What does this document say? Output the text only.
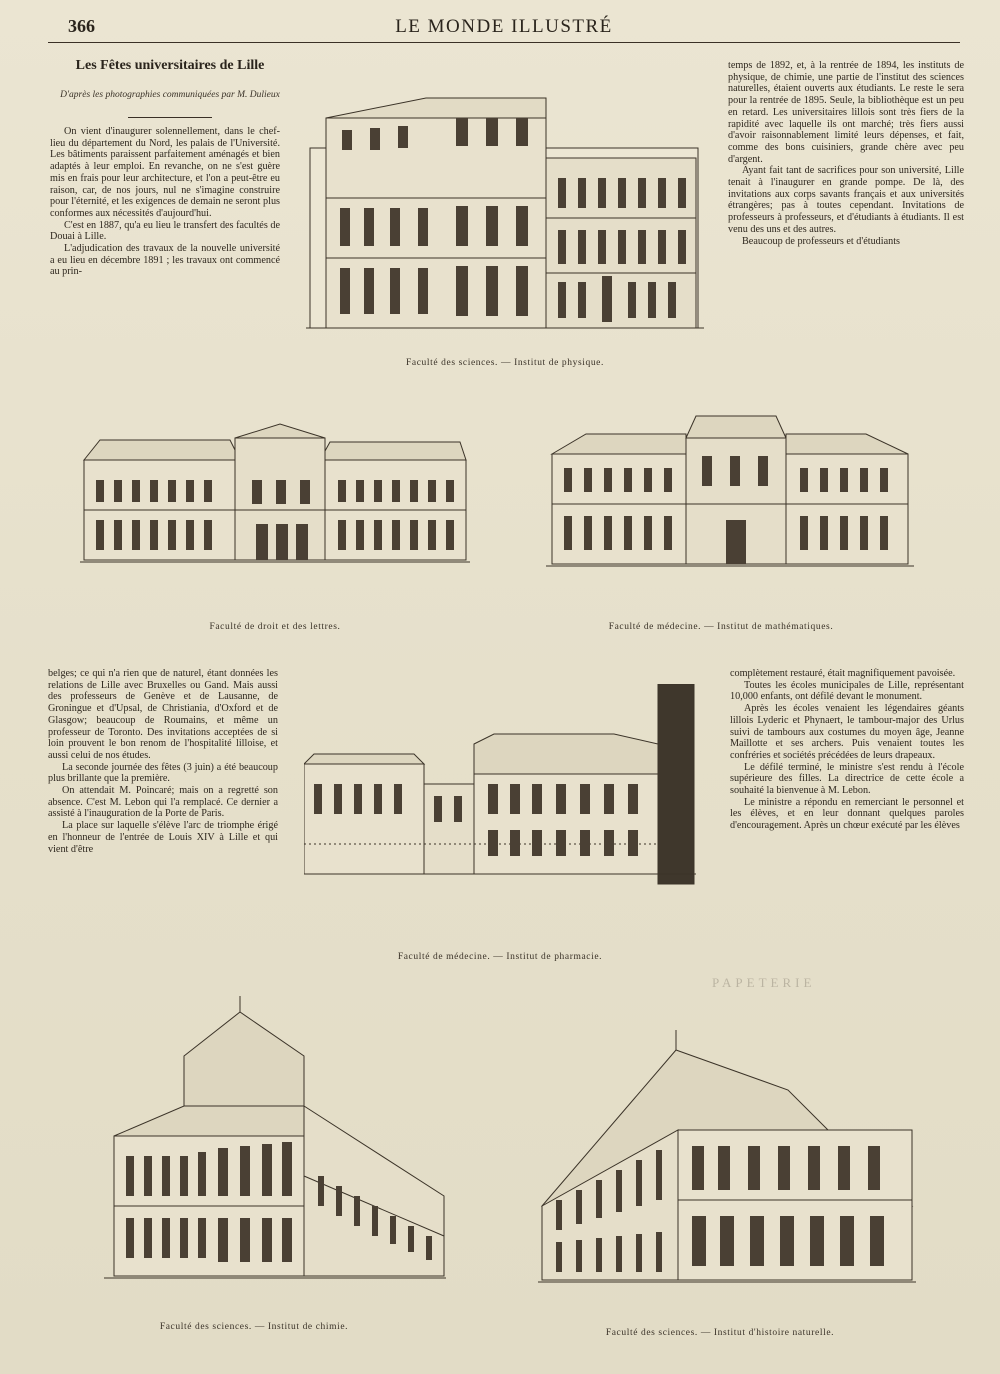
366	LE MONDE ILLUSTRÉ
Les Fêtes universitaires de Lille
D'après les photographies communiquées par M. Dulieux

On vient d'inaugurer solennellement, dans le chef-lieu du département du Nord, les palais de l'Université. Les bâtiments paraissent parfaitement aménagés et bien adaptés à leur emploi. En revanche, on ne s'est guère mis en frais pour leur architecture, et l'on a peut-être eu raison, car, de nos jours, nul ne s'imagine construire pour l'éternité, et les exigences de demain ne seront plus conformes aux nécessités d'aujourd'hui.

C'est en 1887, qu'a eu lieu le transfert des facultés de Douai à Lille.

L'adjudication des travaux de la nouvelle université a eu lieu en décembre 1891 ; les travaux ont commencé au prin-

temps de 1892, et, à la rentrée de 1894, les instituts de physique, de chimie, une partie de l'institut des sciences naturelles, étaient ouverts aux étudiants. Le reste le sera pour la rentrée de 1895. Seule, la bibliothèque est un peu en retard. Les universitaires lillois sont très fiers de la rapidité avec laquelle ils ont marché; très fiers aussi d'avoir raisonnablement limité leurs dépenses, et fait, comme des bons cuisiniers, grande chère avec peu d'argent.

Ayant fait tant de sacrifices pour son université, Lille tenait à l'inaugurer en grande pompe. De là, des invitations aux corps savants français et aux universités étrangères; pas à toutes cependant. Invitations de professeurs à professeurs, et d'étudiants à étudiants. Il est venu des uns et des autres.

Beaucoup de professeurs et d'étudiants

Faculté des sciences. — Institut de physique.
Faculté de droit et des lettres.	Faculté de médecine. — Institut de mathématiques.

belges; ce qui n'a rien que de naturel, étant données les relations de Lille avec Bruxelles ou Gand. Mais aussi des professeurs de Genève et de Lausanne, de Groningue et d'Upsal, de Christiania, d'Oxford et de Glasgow; beaucoup de Roumains, et même un professeur de Toronto. Des invitations acceptées de si loin prouvent le bon renom de l'hospitalité lilloise, et aussi celui de nos études.

La seconde journée des fêtes (3 juin) a été beaucoup plus brillante que la première.

On attendait M. Poincaré; mais on a regretté son absence. C'est M. Lebon qui l'a remplacé. Ce dernier a assisté à l'inauguration de la Porte de Paris.

La place sur laquelle s'élève l'arc de triomphe érigé en l'honneur de l'entrée de Louis XIV à Lille et qui vient d'être

complètement restauré, était magnifiquement pavoisée.

Toutes les écoles municipales de Lille, représentant 10,000 enfants, ont défilé devant le monument.

Après les écoles venaient les légendaires géants lillois Lyderic et Phynaert, le tambour-major des Urlus suivi de tambours aux costumes du moyen âge, Jeanne Maillotte et ses archers. Puis venaient toutes les confréries et sociétés précédées de leurs drapeaux.

Le défilé terminé, le ministre s'est rendu à l'école supérieure des filles. La directrice de cette école a souhaité la bienvenue à M. Lebon.

Le ministre a répondu en remerciant le personnel et les élèves, et en leur donnant quelques paroles d'encouragement. Après un chœur exécuté par les élèves

Faculté de médecine. — Institut de pharmacie.
PAPETERIE
Faculté des sciences. — Institut de chimie.
Faculté des sciences. — Institut d'histoire naturelle.
